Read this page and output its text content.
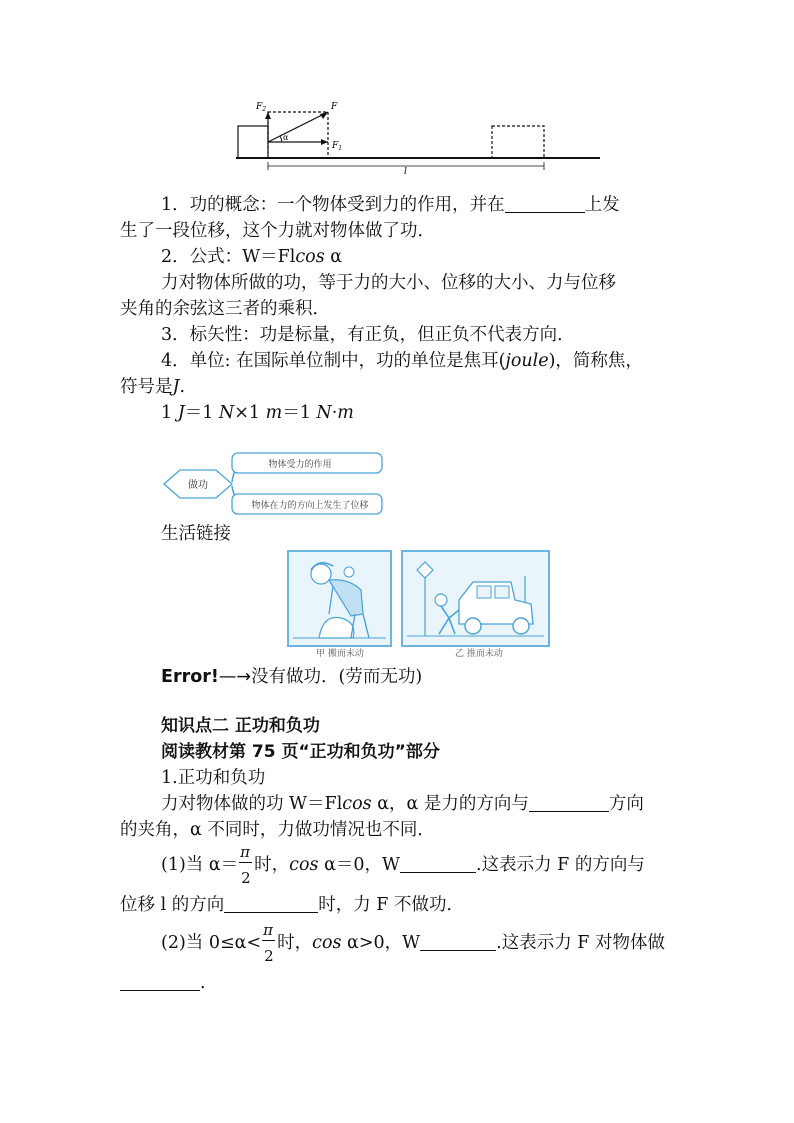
$F_2$	F
$F_1$
α
l
1．功的概念：一个物体受到力的作用，并在	上发
生了一段位移，这个力就对物体做了功．
2．公式：W＝Flcos α
力对物体所做的功，等于力的大小、位移的大小、力与位移
夹角的余弦这三者的乘积．
3．标矢性：功是标量，有正负，但正负不代表方向．
4．单位: 在国际单位制中，功的单位是焦耳(joule)，简称焦，
符号是J.
1 J＝1 N×1 m＝1 N·m
做功
物体受力的作用
物体在力的方向上发生了位移
生活链接
甲 搬而未动	乙 推而未动
Error!—→没有做功．(劳而无功)
知识点二 正功和负功
阅读教材第 75 页“正功和负功”部分
1.正功和负功
力对物体做的功 W＝Flcos α，α 是力的方向与	方向
的夹角，α 不同时，力做功情况也不同．
(1)当 $\alpha= \frac{\pi}{2}$ 时，cos α＝0，W	.这表示力 F 的方向与
位移 l 的方向	时，力 F 不做功．
(2)当 $0\le\alpha< \frac{\pi}{2}$ 时，cos α>0，W	.这表示力 F 对物体做
.
